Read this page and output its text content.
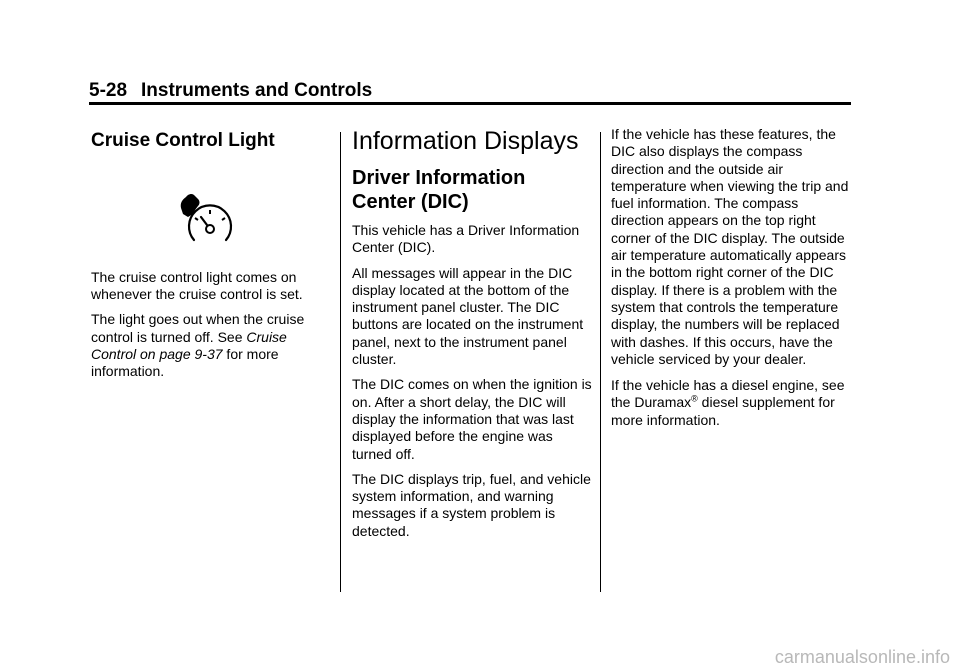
5-28 Instruments and Controls
Cruise Control Light

The cruise control light comes on whenever the cruise control is set.

The light goes out when the cruise control is turned off. See Cruise Control on page 9-37 for more information.

Information Displays
Driver Information Center (DIC)

This vehicle has a Driver Information Center (DIC).

All messages will appear in the DIC display located at the bottom of the instrument panel cluster. The DIC buttons are located on the instrument panel, next to the instrument panel cluster.

The DIC comes on when the ignition is on. After a short delay, the DIC will display the information that was last displayed before the engine was turned off.

The DIC displays trip, fuel, and vehicle system information, and warning messages if a system problem is detected.

If the vehicle has these features, the DIC also displays the compass direction and the outside air temperature when viewing the trip and fuel information. The compass direction appears on the top right corner of the DIC display. The outside air temperature automatically appears in the bottom right corner of the DIC display. If there is a problem with the system that controls the temperature display, the numbers will be replaced with dashes. If this occurs, have the vehicle serviced by your dealer.

If the vehicle has a diesel engine, see the Duramax® diesel supplement for more information.

carmanualsonline.info
